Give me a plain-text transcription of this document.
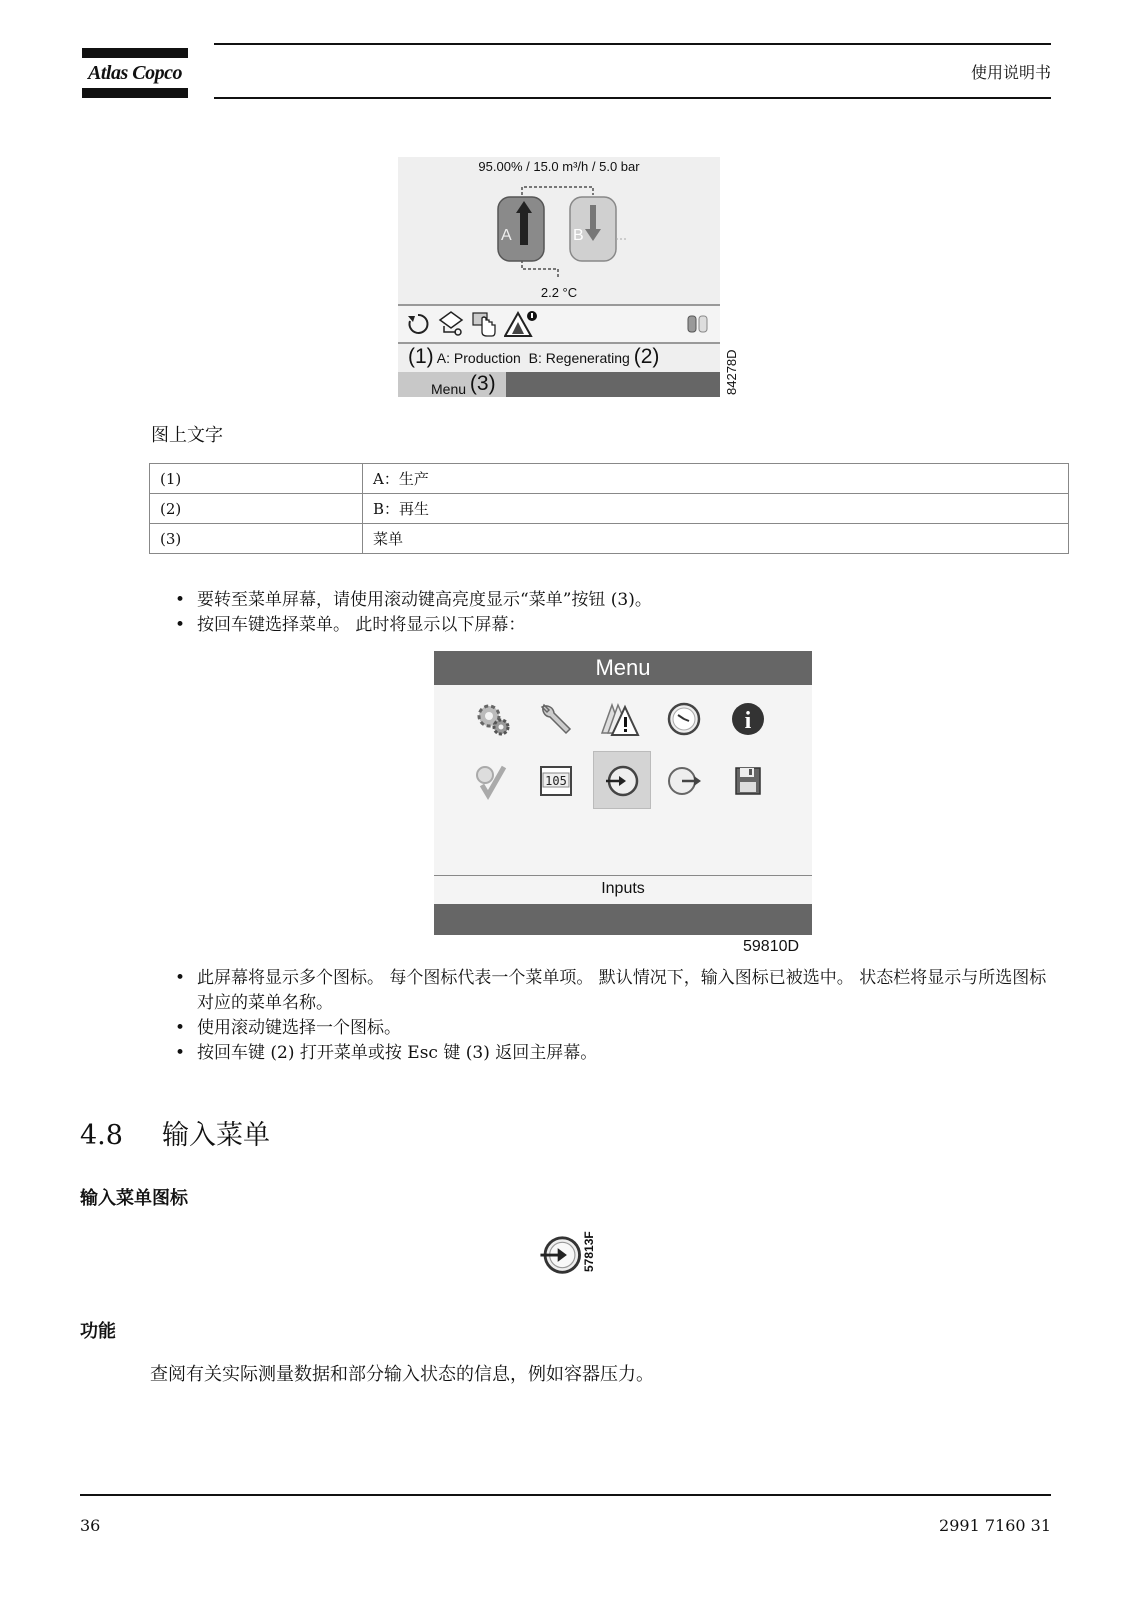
Atlas Copco	使用说明书
95.00% / 15.0 m³/h / 5.0 bar
A	B
2.2 °C
(1) A: Production B: Regenerating (2)
Menu (3)	84278D
图上文字
(1)	A：生产
(2)	B：再生
(3)	菜单
• 要转至菜单屏幕，请使用滚动键高亮度显示“菜单”按钮 (3)。
• 按回车键选择菜单。 此时将显示以下屏幕：
Menu
i
105
Inputs
59810D
• 此屏幕将显示多个图标。 每个图标代表一个菜单项。 默认情况下，输入图标已被选中。 状态栏将显示与所选图标对应的菜单名称。
• 使用滚动键选择一个图标。
• 按回车键 (2) 打开菜单或按 Esc 键 (3) 返回主屏幕。
4.8 输入菜单
输入菜单图标
57813F
功能
查阅有关实际测量数据和部分输入状态的信息，例如容器压力。
36	2991 7160 31
